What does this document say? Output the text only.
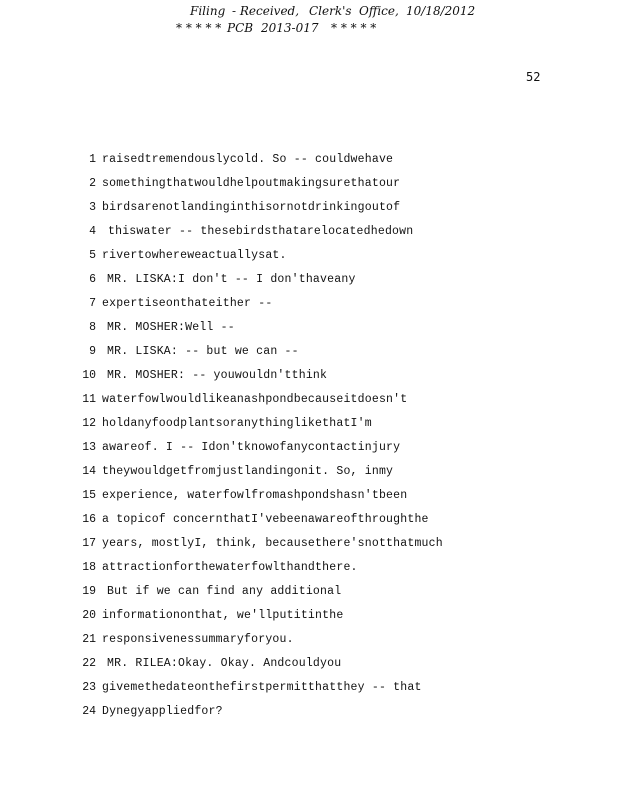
Filing - Received, Clerk's Office, 10/18/2012
* * * * * PCB 2013-017 * * * * *
52
1 raisedtremendouslycold. So -- couldwehave
2 somethingthatwouldhelpoutmakingsurethatour
3 birdsarenotlandinginthisornotdrinkingoutof
4 thiswater -- thesebirdsthatarelocatedhedown
5 rivertowhereweactuallysat.
6 MR. LISKA:I don't -- I don'thaveany
7 expertiseonthateither --
8 MR. MOSHER:Well --
9 MR. LISKA: -- but we can --
10 MR. MOSHER: -- youwouldn'tthink
11 waterfowlwouldlikeanashpondbecauseitdoesn't
12 holdanyfoodplantsoranythinglikethatI'm
13 awareof. I -- Idon'tknowofanycontactinjury
14 theywouldgetfromjustlandingonit. So, inmy
15 experience, waterfowlfromashpondshasn'tbeen
16 a topicof concernthatI'vebeenawareofthroughthe
17 years, mostlyI, think, becausethere'snotthatmuch
18 attractionforthewaterfowlthandthere.
19 But if we can find any additional
20 informationonthat, we'llputitinthe
21 responsivenessummaryforyou.
22 MR. RILEA:Okay. Okay. Andcouldyou
23 givemethedateonthefirstpermitthatthey -- that
24 Dynegyappliedfor?
